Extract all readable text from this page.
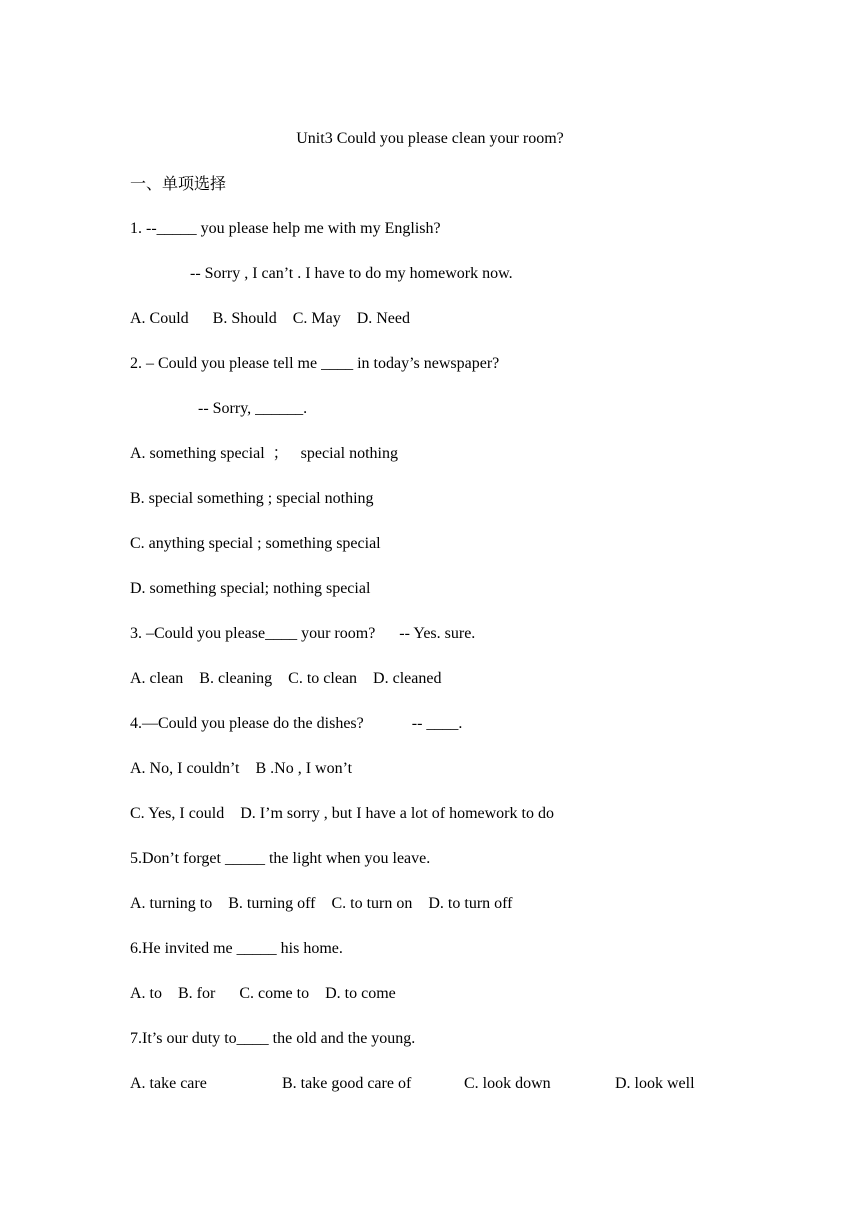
Unit3 Could you please clean your room?
一、单项选择
1. --_____ you please help me with my English?
-- Sorry , I can’t . I have to do my homework now.
A. Could      B. Should    C. May    D. Need
2. – Could you please tell me ____ in today’s newspaper?
-- Sorry, ______.
A. something special  ；   special nothing
B. special something ; special nothing
C. anything special ; something special
D. something special; nothing special
3. –Could you please____ your room?      -- Yes. sure.
A. clean    B. cleaning    C. to clean    D. cleaned
4.—Could you please do the dishes?            -- ____.
A. No, I couldn’t    B .No , I won’t
C. Yes, I could    D. I’m sorry , but I have a lot of homework to do
5.Don’t forget _____ the light when you leave.
A. turning to    B. turning off    C. to turn on    D. to turn off
6.He invited me _____ his home.
A. to    B. for      C. come to    D. to come
7.It’s our duty to____ the old and the young.
A. take care	B. take good care of	C. look down	D. look well
